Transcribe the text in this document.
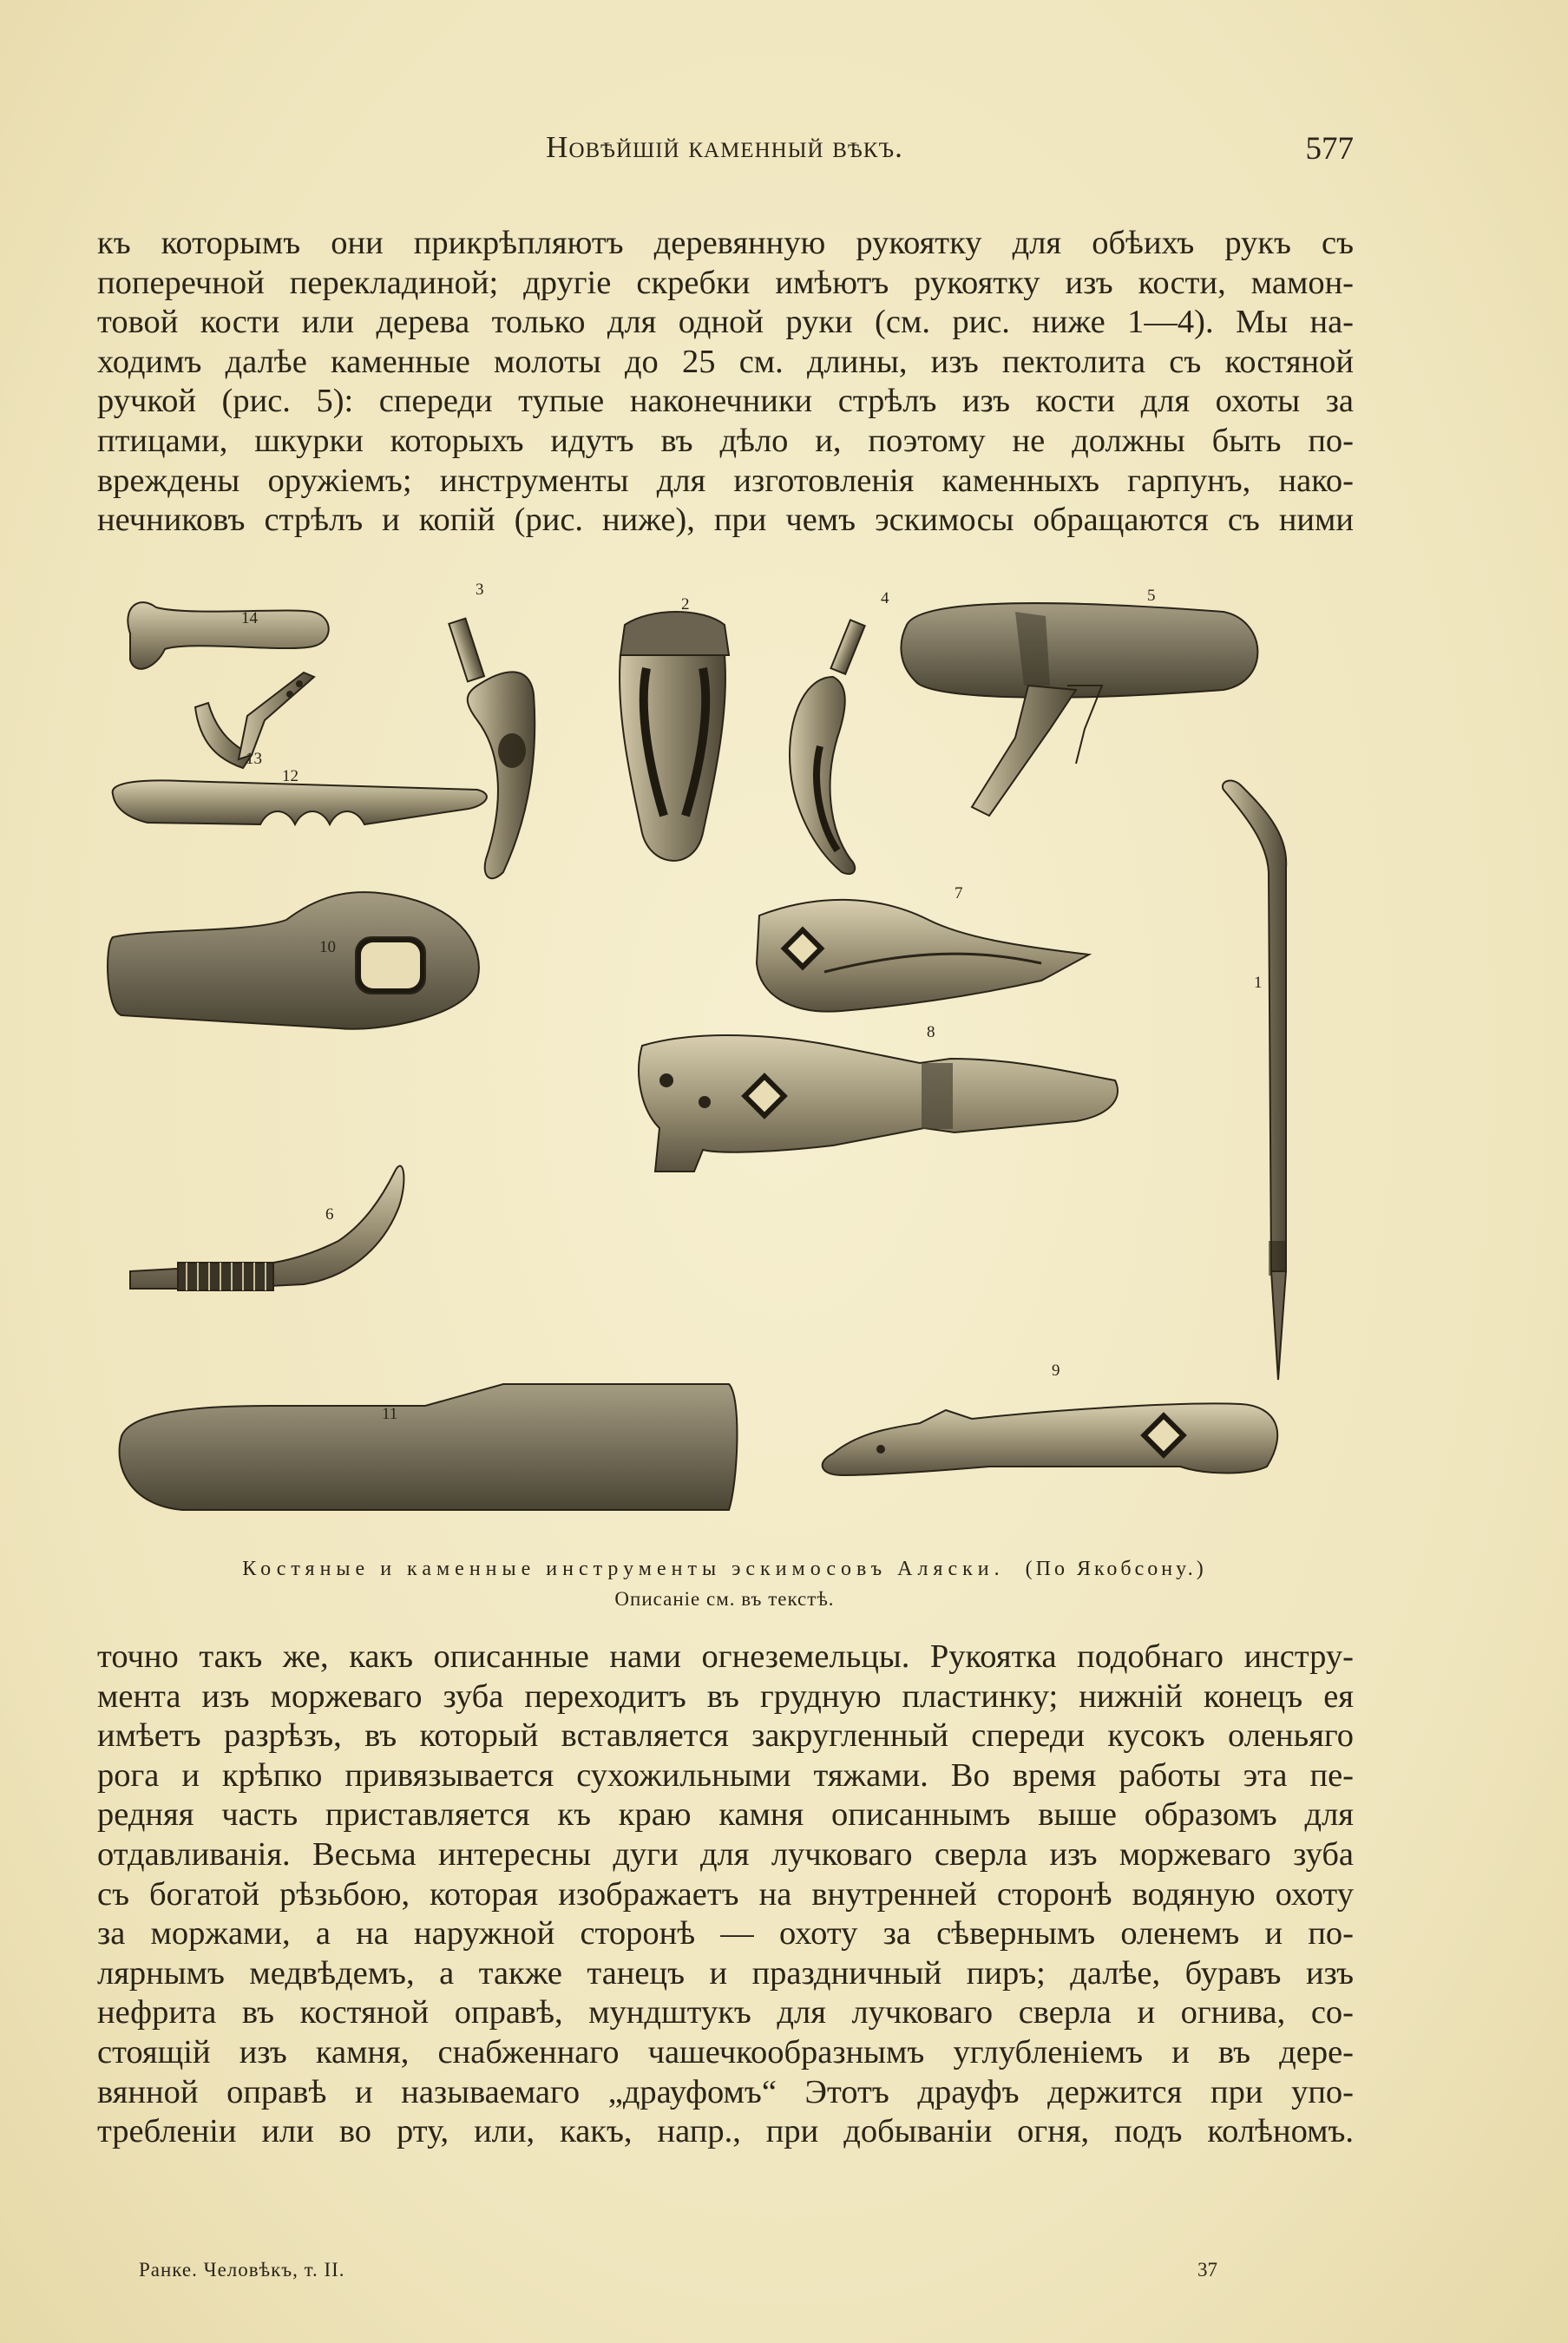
Новѣйшій каменный вѣкъ.	577
къ которымъ они прикрѣпляютъ деревянную рукоятку для обѣихъ рукъ съ
поперечной перекладиной; другіе скребки имѣютъ рукоятку изъ кости, мамон-
товой кости или дерева только для одной руки (см. рис. ниже 1—4). Мы на-
ходимъ далѣе каменные молоты до 25 см. длины, изъ пектолита съ костяной
ручкой (рис. 5): спереди тупые наконечники стрѣлъ изъ кости для охоты за
птицами, шкурки которыхъ идутъ въ дѣло и, поэтому не должны быть по-
вреждены оружіемъ; инструменты для изготовленія каменныхъ гарпунъ, нако-
нечниковъ стрѣлъ и копій (рис. ниже), при чемъ эскимосы обращаются съ ними
14
3
2	4	5
13
12
1
10
7
8
6
9
11
Костяные и каменные инструменты эскимосовъ Аляски. (По Якобсону.)
Описаніе см. въ текстѣ.
точно такъ же, какъ описанные нами огнеземельцы. Рукоятка подобнаго инстру-
мента изъ моржеваго зуба переходитъ въ грудную пластинку; нижній конецъ ея
имѣетъ разрѣзъ, въ который вставляется закругленный спереди кусокъ оленьяго
рога и крѣпко привязывается сухожильными тяжами. Во время работы эта пе-
редняя часть приставляется къ краю камня описаннымъ выше образомъ для
отдавливанія. Весьма интересны дуги для лучковаго сверла изъ моржеваго зуба
съ богатой рѣзьбою, которая изображаетъ на внутренней сторонѣ водяную охоту
за моржами, а на наружной сторонѣ — охоту за сѣвернымъ оленемъ и по-
лярнымъ медвѣдемъ, а также танецъ и праздничный пиръ; далѣе, буравъ изъ
нефрита въ костяной оправѣ, мундштукъ для лучковаго сверла и огнива, со-
стоящій изъ камня, снабженнаго чашечкообразнымъ углубленіемъ и въ дере-
вянной оправѣ и называемаго „драуфомъ“ Этотъ драуфъ держится при упо-
требленіи или во рту, или, какъ, напр., при добываніи огня, подъ колѣномъ.
Ранке. Человѣкъ, т. II.	37
